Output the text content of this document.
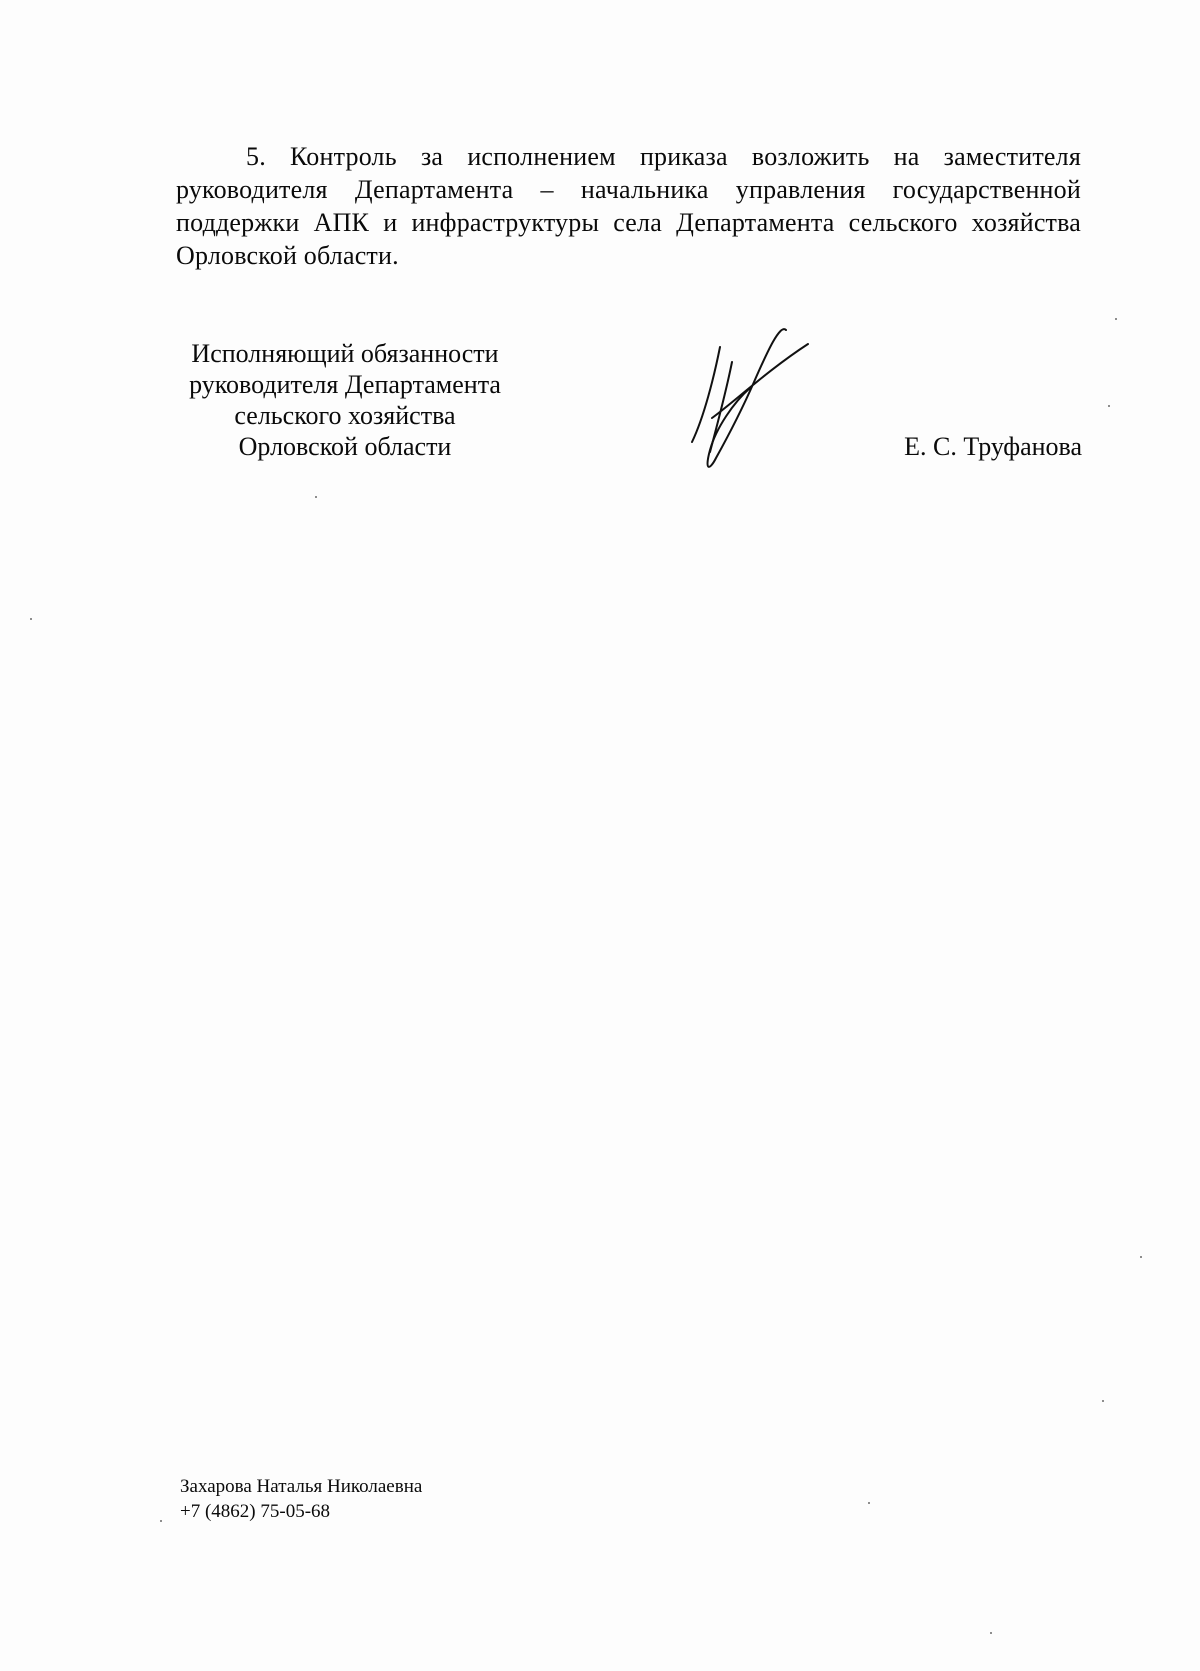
5. Контроль за исполнением приказа возложить на заместителя руководителя Департамента – начальника управления государственной поддержки АПК и инфраструктуры села Департамента сельского хозяйства Орловской области.

Исполняющий обязанности
руководителя Департамента
сельского хозяйства
Орловской области	Е. С. Труфанова
Захарова Наталья Николаевна
+7 (4862) 75-05-68
